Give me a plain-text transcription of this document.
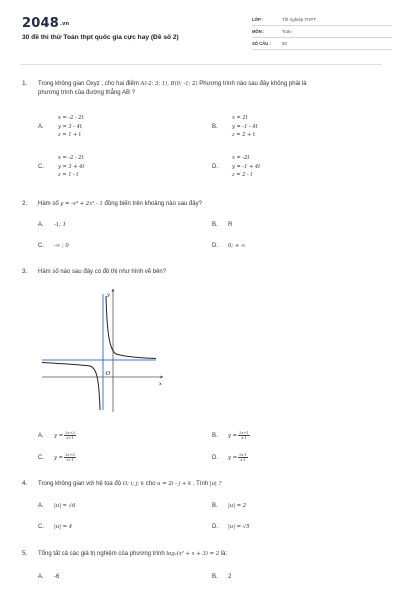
2048.vn
30 đề thi thử Toán thpt quốc gia cực hay (Đề số 2)
LỚP :	Tốt nghiệp THPT
MÔN :	Toán
SỐ CÂU :	50
1.	Trong không gian Oxyz , cho hai điểm A(-2; 3; 1), B(0; -1; 2) Phương trình nào sau đây không phải là
phương trình của đường thẳng AB ?
A.
x = -2 - 2t
y = 3 - 4t
z = 1 + t
B.
x = 2t
y = -1 - 4t
z = 2 + t
C.
x = -2 - 2t
y = 3 + 4t
z = 1 - t
D.
x = -2t
y = -1 + 4t
z = 2 - t
2.	Hàm số y = -x⁴ + 2x² - 1 đồng biến trên khoảng nào sau đây?
A.	-1; 1	B.	R
C.	-∞ ; 0	D.	0; + ∞
3.	Hàm số nào sau đây có đồ thị như hình vẽ bên?
x
y
O
A.	$y = \frac{2x+3}{x+1}$	B.	$y = \frac{2x+1}{x-1}$
C.	$y = \frac{2x+5}{x+1}$	D.	$y = \frac{2x-1}{x-1}$
4.	Trong không gian với hệ tọa độ O; i; j; k cho u = 2i - j + k . Tính |u| ?
A.	|u| = √6	B.	|u| = 2
C.	|u| = 4	D.	|u| = √5
5.	Tổng tất cả các giá trị nghiệm của phương trình log₂(x² + x + 3) = 2 là:
A.	-6	B.	2
